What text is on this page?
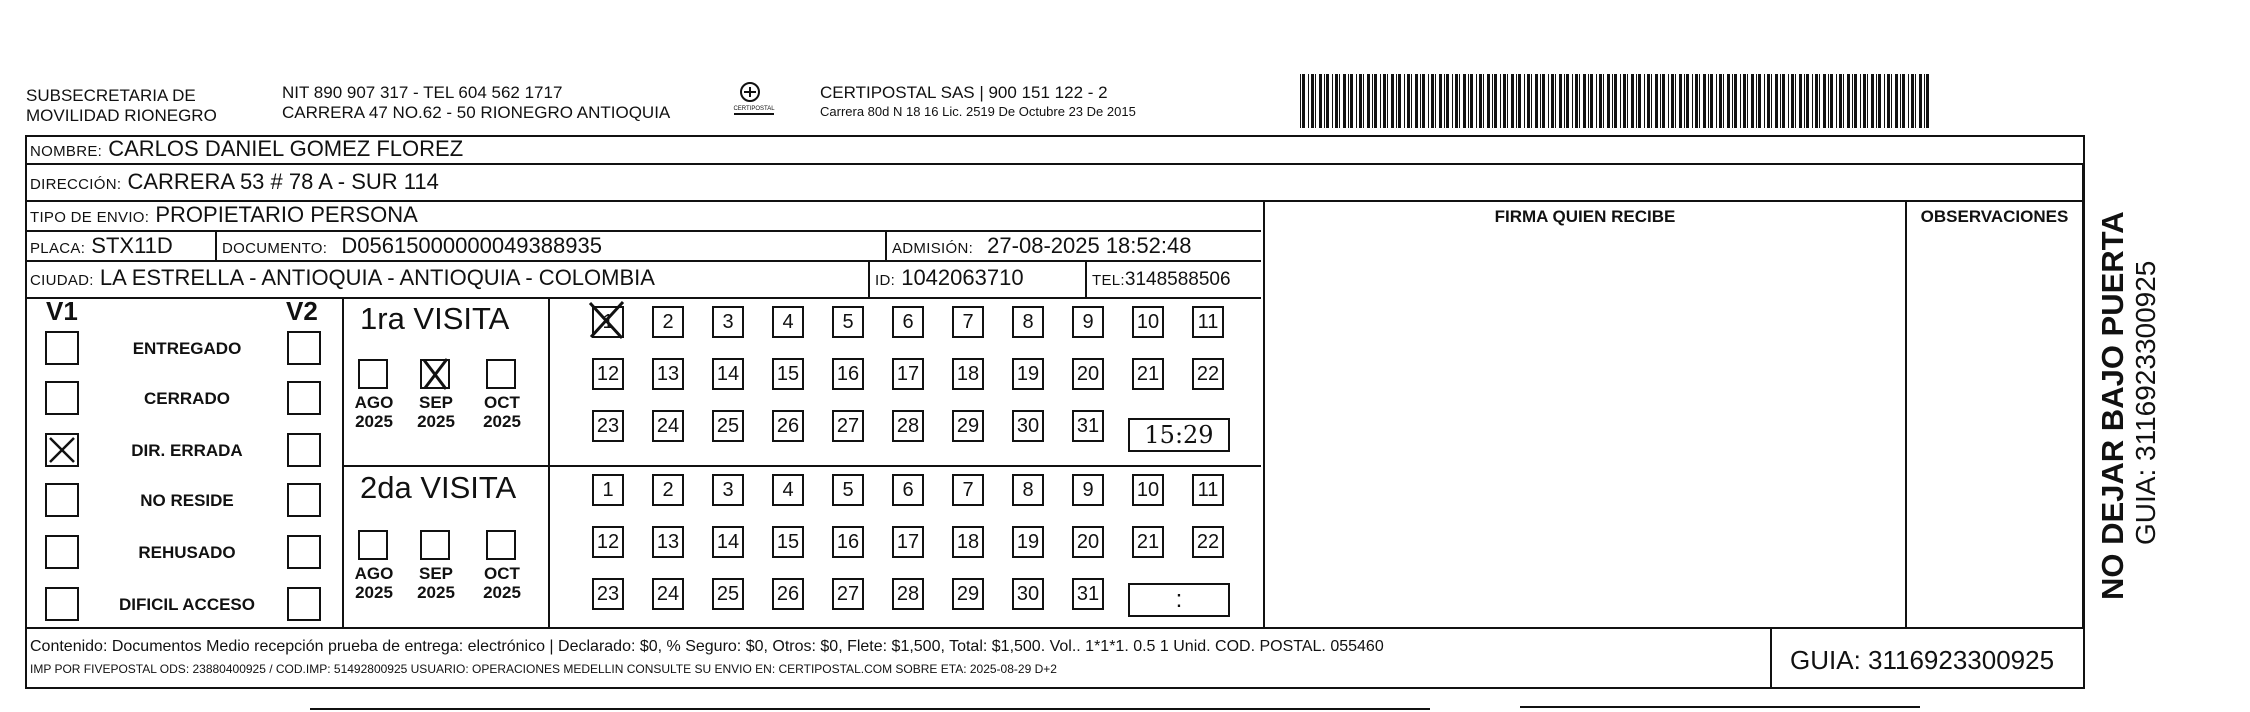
SUBSECRETARIA DE
MOVILIDAD RIONEGRO
NIT 890 907 317 - TEL 604 562 1717
CARRERA 47 NO.62 - 50 RIONEGRO ANTIOQUIA	CERTIPOSTAL
CERTIPOSTAL SAS | 900 151 122 - 2
Carrera 80d N 18 16 Lic. 2519 De Octubre 23 De 2015
NOMBRE: CARLOS DANIEL GOMEZ FLOREZ
DIRECCIÓN: CARRERA 53 # 78 A - SUR 114
TIPO DE ENVIO: PROPIETARIO PERSONA	FIRMA QUIEN RECIBE	OBSERVACIONES
PLACA: STX11D	DOCUMENTO: D05615000000049388935	ADMISIÓN: 27-08-2025 18:52:48
CIUDAD: LA ESTRELLA - ANTIOQUIA - ANTIOQUIA - COLOMBIA	ID: 1042063710	TEL:3148588506
V1	V2
ENTREGADO
CERRADO
DIR. ERRADA
NO RESIDE
REHUSADO
DIFICIL ACCESO
1ra VISITA
2da VISITA
AGO
2025
SEP
2025
OCT
2025
AGO
2025
SEP
2025
OCT
2025
1	2	3	4	5	6	7	8	9	10 11
12 13 14 15 16 17 18 19 20 21 22
23 24 25 26 27 28 29 30 31
1	2	3	4	5	6	7	8	9	10 11
12 13 14 15 16 17 18 19 20 21 22
23 24 25 26 27 28 29 30 31
15:29
:
Contenido: Documentos Medio recepción prueba de entrega: electrónico | Declarado: $0, % Seguro: $0, Otros: $0, Flete: $1,500, Total: $1,500. Vol.. 1*1*1. 0.5 1 Unid. COD. POSTAL. 055460
IMP POR FIVEPOSTAL ODS: 23880400925 / COD.IMP: 51492800925 USUARIO: OPERACIONES MEDELLIN CONSULTE SU ENVIO EN: CERTIPOSTAL.COM SOBRE ETA: 2025-08-29 D+2	GUIA: 3116923300925
NO DEJAR BAJO PUERTA GUIA: 3116923300925
